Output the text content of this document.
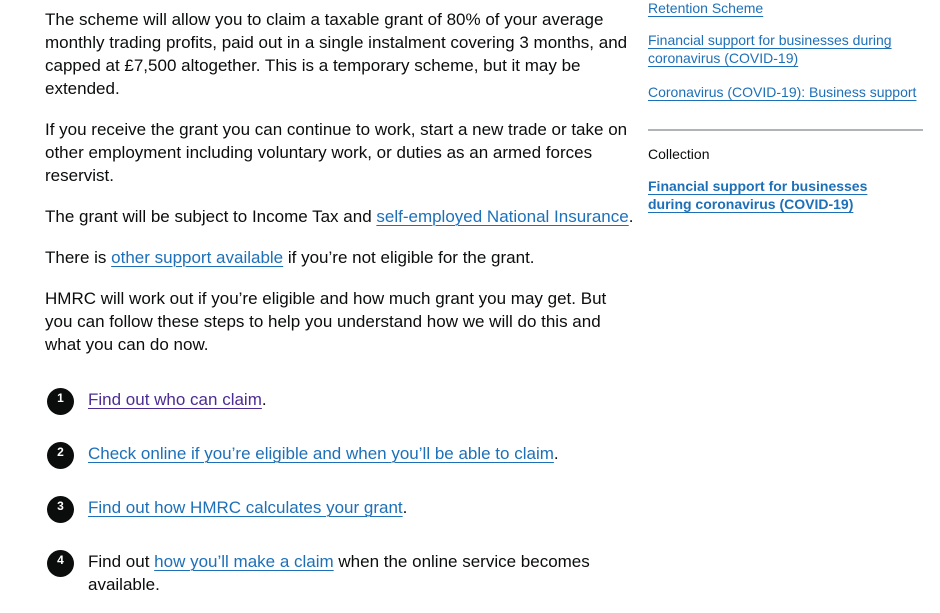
The scheme will allow you to claim a taxable grant of 80% of your average monthly trading profits, paid out in a single instalment covering 3 months, and capped at £7,500 altogether. This is a temporary scheme, but it may be extended.

If you receive the grant you can continue to work, start a new trade or take on other employment including voluntary work, or duties as an armed forces reservist.

The grant will be subject to Income Tax and self-employed National Insurance.

There is other support available if you’re not eligible for the grant.

HMRC will work out if you’re eligible and how much grant you may get. But you can follow these steps to help you understand how we will do this and what you can do now.

1	Find out who can claim.
2	Check online if you’re eligible and when you’ll be able to claim.
3	Find out how HMRC calculates your grant.
4	Find out how you’ll make a claim when the online service becomes available.
Retention Scheme
Financial support for businesses during coronavirus (COVID-19)
Coronavirus (COVID-19): Business support
Collection
Financial support for businesses during coronavirus (COVID-19)
